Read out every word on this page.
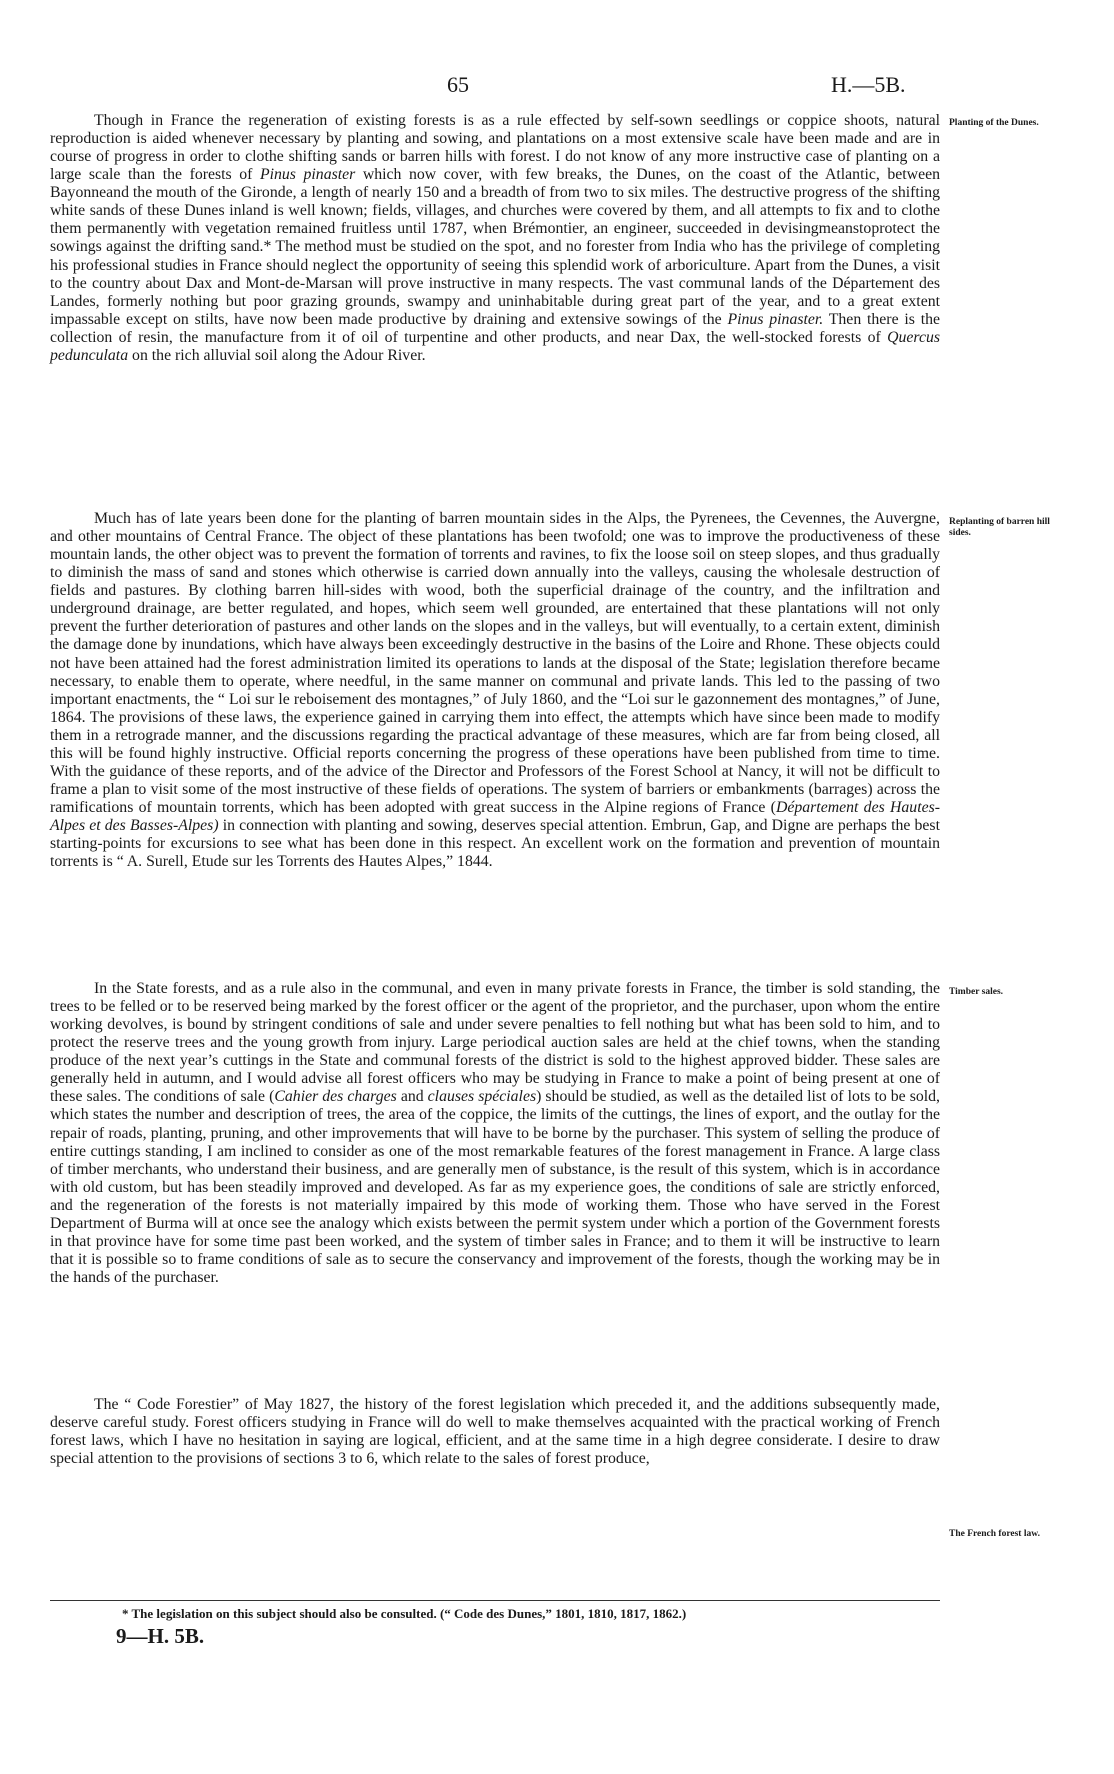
65	H.—5B.

Though in France the regeneration of existing forests is as a rule effected by self-sown seedlings or coppice shoots, natural reproduction is aided whenever necessary by planting and sowing, and plantations on a most extensive scale have been made and are in course of progress in order to clothe shifting sands or barren hills with forest. I do not know of any more instructive case of planting on a large scale than the forests of Pinus pinaster which now cover, with few breaks, the Dunes, on the coast of the Atlantic, between Bayonneand the mouth of the Gironde, a length of nearly 150 and a breadth of from two to six miles. The destructive progress of the shifting white sands of these Dunes inland is well known; fields, villages, and churches were covered by them, and all attempts to fix and to clothe them permanently with vegetation remained fruitless until 1787, when Brémontier, an engineer, succeeded in devisingmeanstoprotect the sowings against the drifting sand.* The method must be studied on the spot, and no forester from India who has the privilege of completing his professional studies in France should neglect the opportunity of seeing this splendid work of arboriculture. Apart from the Dunes, a visit to the country about Dax and Mont-de-Marsan will prove instructive in many respects. The vast communal lands of the Département des Landes, formerly nothing but poor grazing grounds, swampy and uninhabitable during great part of the year, and to a great extent impassable except on stilts, have now been made productive by draining and extensive sowings of the Pinus pinaster. Then there is the collection of resin, the manufacture from it of oil of turpentine and other products, and near Dax, the well-stocked forests of Quercus pedunculata on the rich alluvial soil along the Adour River.

Much has of late years been done for the planting of barren mountain sides in the Alps, the Pyrenees, the Cevennes, the Auvergne, and other mountains of Central France. The object of these plantations has been twofold; one was to improve the productiveness of these mountain lands, the other object was to prevent the formation of torrents and ravines, to fix the loose soil on steep slopes, and thus gradually to diminish the mass of sand and stones which otherwise is carried down annually into the valleys, causing the wholesale destruction of fields and pastures. By clothing barren hill-sides with wood, both the superficial drainage of the country, and the infiltration and underground drainage, are better regulated, and hopes, which seem well grounded, are entertained that these plantations will not only prevent the further deterioration of pastures and other lands on the slopes and in the valleys, but will eventually, to a certain extent, diminish the damage done by inundations, which have always been exceedingly destructive in the basins of the Loire and Rhone. These objects could not have been attained had the forest administration limited its operations to lands at the disposal of the State; legislation therefore became necessary, to enable them to operate, where needful, in the same manner on communal and private lands. This led to the passing of two important enactments, the “ Loi sur le reboisement des montagnes,” of July 1860, and the “Loi sur le gazonnement des montagnes,” of June, 1864. The provisions of these laws, the experience gained in carrying them into effect, the attempts which have since been made to modify them in a retrograde manner, and the discussions regarding the practical advantage of these measures, which are far from being closed, all this will be found highly instructive. Official reports concerning the progress of these operations have been published from time to time. With the guidance of these reports, and of the advice of the Director and Professors of the Forest School at Nancy, it will not be difficult to frame a plan to visit some of the most instructive of these fields of operations. The system of barriers or embankments (barrages) across the ramifications of mountain torrents, which has been adopted with great success in the Alpine regions of France (Département des Hautes-Alpes et des Basses-Alpes) in connection with planting and sowing, deserves special attention. Embrun, Gap, and Digne are perhaps the best starting-points for excursions to see what has been done in this respect. An excellent work on the formation and prevention of mountain torrents is “ A. Surell, Etude sur les Torrents des Hautes Alpes,” 1844.

In the State forests, and as a rule also in the communal, and even in many private forests in France, the timber is sold standing, the trees to be felled or to be reserved being marked by the forest officer or the agent of the proprietor, and the purchaser, upon whom the entire working devolves, is bound by stringent conditions of sale and under severe penalties to fell nothing but what has been sold to him, and to protect the reserve trees and the young growth from injury. Large periodical auction sales are held at the chief towns, when the standing produce of the next year’s cuttings in the State and communal forests of the district is sold to the highest approved bidder. These sales are generally held in autumn, and I would advise all forest officers who may be studying in France to make a point of being present at one of these sales. The conditions of sale (Cahier des charges and clauses spéciales) should be studied, as well as the detailed list of lots to be sold, which states the number and description of trees, the area of the coppice, the limits of the cuttings, the lines of export, and the outlay for the repair of roads, planting, pruning, and other improvements that will have to be borne by the purchaser. This system of selling the produce of entire cuttings standing, I am inclined to consider as one of the most remarkable features of the forest management in France. A large class of timber merchants, who understand their business, and are generally men of substance, is the result of this system, which is in accordance with old custom, but has been steadily improved and developed. As far as my experience goes, the conditions of sale are strictly enforced, and the regeneration of the forests is not materially impaired by this mode of working them. Those who have served in the Forest Department of Burma will at once see the analogy which exists between the permit system under which a portion of the Government forests in that province have for some time past been worked, and the system of timber sales in France; and to them it will be instructive to learn that it is possible so to frame conditions of sale as to secure the conservancy and improvement of the forests, though the working may be in the hands of the purchaser.

The “ Code Forestier” of May 1827, the history of the forest legislation which preceded it, and the additions subsequently made, deserve careful study. Forest officers studying in France will do well to make themselves acquainted with the practical working of French forest laws, which I have no hesitation in saying are logical, efficient, and at the same time in a high degree considerate. I desire to draw special attention to the provisions of sections 3 to 6, which relate to the sales of forest produce,

Planting of the Dunes.
Replanting of barren hill sides.
Timber sales.
The French forest law.
* The legislation on this subject should also be consulted. (“ Code des Dunes,” 1801, 1810, 1817, 1862.)
9—H. 5B.
